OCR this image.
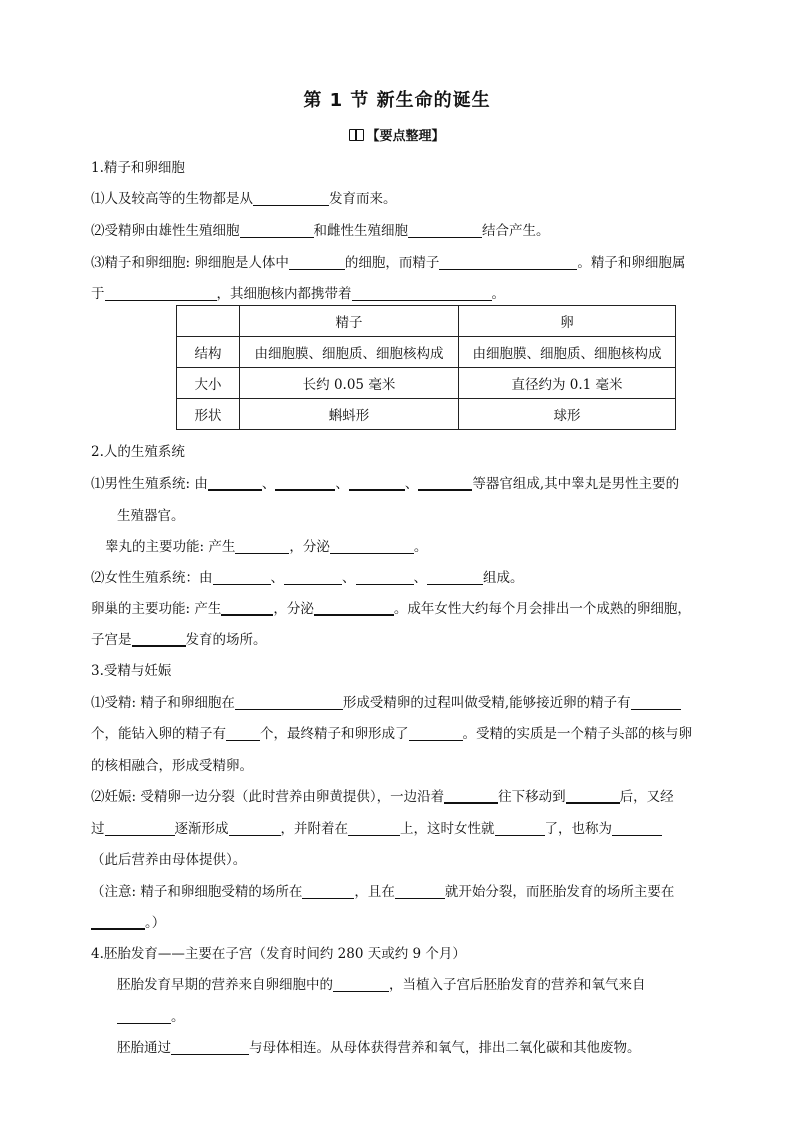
第 1 节 新生命的诞生
【要点整理】
1.精子和卵细胞
⑴人及较高等的生物都是从	发育而来。
⑵受精卵由雄性生殖细胞	和雌性生殖细胞	结合产生。
⑶精子和卵细胞: 卵细胞是人体中	的细胞，而精子	。精子和卵细胞属
于	，其细胞核内都携带着	。
	精子	卵
结构	由细胞膜、细胞质、细胞核构成	由细胞膜、细胞质、细胞核构成
大小	长约 0.05 毫米	直径约为 0.1 毫米
形状	蝌蚪形	球形
2.人的生殖系统
⑴男性生殖系统: 由	、	、	、	等器官组成,其中睾丸是男性主要的
生殖器官。
睾丸的主要功能: 产生	，分泌	。
⑵女性生殖系统：由	、	、	、	组成。
卵巢的主要功能: 产生	，分泌	。成年女性大约每个月会排出一个成熟的卵细胞，
子宫是	发育的场所。
3.受精与妊娠
⑴受精: 精子和卵细胞在	形成受精卵的过程叫做受精,能够接近卵的精子有
个，能钻入卵的精子有	个，最终精子和卵形成了	。受精的实质是一个精子头部的核与卵
的核相融合，形成受精卵。
⑵妊娠: 受精卵一边分裂（此时营养由卵黄提供），一边沿着	往下移动到	后，又经
过	逐渐形成	，并附着在	上，这时女性就	了，也称为
（此后营养由母体提供）。
（注意: 精子和卵细胞受精的场所在	，且在	就开始分裂，而胚胎发育的场所主要在
。）
4.胚胎发育——主要在子宫（发育时间约 280 天或约 9 个月）
胚胎发育早期的营养来自卵细胞中的	，当植入子宫后胚胎发育的营养和氧气来自
。
胚胎通过	与母体相连。从母体获得营养和氧气，排出二氧化碳和其他废物。
